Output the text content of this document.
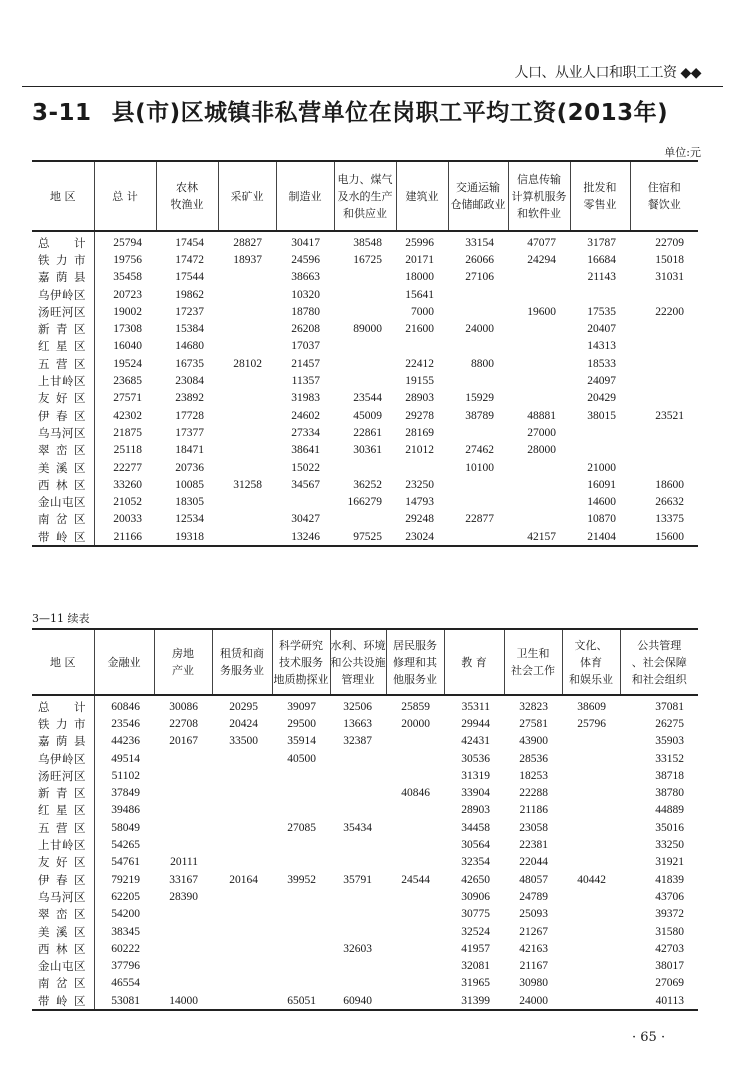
人口、从业人口和职工工资 ◆◆
3-11 县(市)区城镇非私营单位在岗职工平均工资(2013年)
单位:元
地 区	总 计	农林
牧渔业	采矿业	制造业	电力、煤气
及水的生产
和供应业	建筑业	交通运输
仓储邮政业	信息传输
计算机服务
和软件业	批发和
零售业	住宿和
餐饮业
总 计	25794	17454	28827	30417	38548	25996	33154	47077	31787	22709
铁 力 市	19756	17472	18937	24596	16725	20171	26066	24294	16684	15018
嘉 荫 县	35458	17544		38663		18000	27106		21143	31031
乌伊岭区	20723	19862		10320		15641				
汤旺河区	19002	17237		18780		7000		19600	17535	22200
新 青 区	17308	15384		26208	89000	21600	24000		20407	
红 星 区	16040	14680		17037					14313	
五 营 区	19524	16735	28102	21457		22412	8800		18533	
上甘岭区	23685	23084		11357		19155			24097	
友 好 区	27571	23892		31983	23544	28903	15929		20429	
伊 春 区	42302	17728		24602	45009	29278	38789	48881	38015	23521
乌马河区	21875	17377		27334	22861	28169		27000		
翠 峦 区	25118	18471		38641	30361	21012	27462	28000		
美 溪 区	22277	20736		15022			10100		21000	
西 林 区	33260	10085	31258	34567	36252	23250			16091	18600
金山屯区	21052	18305			166279	14793			14600	26632
南 岔 区	20033	12534		30427		29248	22877		10870	13375
带 岭 区	21166	19318		13246	97525	23024		42157	21404	15600
3—11 续表
地 区	金融业	房地
产业	租赁和商
务服务业	科学研究
技术服务
地质勘探业	水利、环境
和公共设施
管理业	居民服务
修理和其
他服务业	教 育	卫生和
社会工作	文化、
体育
和娱乐业	公共管理
、社会保障
和社会组织
总 计	60846	30086	20295	39097	32506	25859	35311	32823	38609	37081
铁 力 市	23546	22708	20424	29500	13663	20000	29944	27581	25796	26275
嘉 荫 县	44236	20167	33500	35914	32387		42431	43900		35903
乌伊岭区	49514			40500			30536	28536		33152
汤旺河区	51102						31319	18253		38718
新 青 区	37849					40846	33904	22288		38780
红 星 区	39486						28903	21186		44889
五 营 区	58049			27085	35434		34458	23058		35016
上甘岭区	54265						30564	22381		33250
友 好 区	54761	20111					32354	22044		31921
伊 春 区	79219	33167	20164	39952	35791	24544	42650	48057	40442	41839
乌马河区	62205	28390					30906	24789		43706
翠 峦 区	54200						30775	25093		39372
美 溪 区	38345						32524	21267		31580
西 林 区	60222				32603		41957	42163		42703
金山屯区	37796						32081	21167		38017
南 岔 区	46554						31965	30980		27069
带 岭 区	53081	14000		65051	60940		31399	24000		40113
· 65 ·
